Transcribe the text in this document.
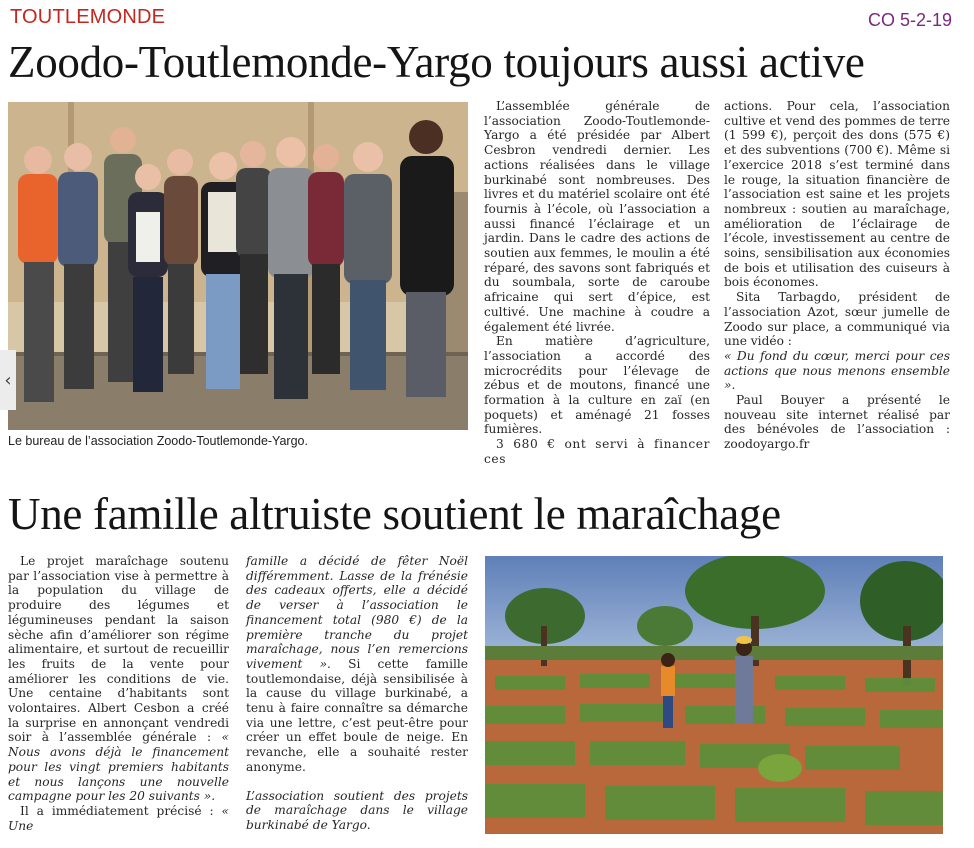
TOUTLEMONDE	CO 5-2-19
Zoodo-Toutlemonde-Yargo toujours aussi active
‹
Le bureau de l’association Zoodo-Toutlemonde-Yargo.

L’assemblée générale de l’association Zoodo-Toutlemonde-Yargo a été présidée par Albert Cesbron vendredi dernier. Les actions réalisées dans le village burkinabé sont nombreuses. Des livres et du matériel scolaire ont été fournis à l’école, où l’association a aussi financé l’éclairage et un jardin. Dans le cadre des actions de soutien aux femmes, le moulin a été réparé, des savons sont fabriqués et du soumbala, sorte de caroube africaine qui sert d’épice, est cultivé. Une machine à coudre a également été livrée.

En matière d’agriculture, l’association a accordé des microcrédits pour l’élevage de zébus et de moutons, financé une formation à la culture en zaï (en poquets) et aménagé 21 fosses fumières.

3 680 € ont servi à financer ces

actions. Pour cela, l’association cultive et vend des pommes de terre (1 599 €), perçoit des dons (575 €) et des subventions (700 €). Même si l’exercice 2018 s’est terminé dans le rouge, la situation financière de l’association est saine et les projets nombreux : soutien au maraîchage, amélioration de l’éclairage de l’école, investissement au centre de soins, sensibilisation aux économies de bois et utilisation des cuiseurs à bois économes.

Sita Tarbagdo, président de l’association Azot, sœur jumelle de Zoodo sur place, a communiqué via une vidéo :

« Du fond du cœur, merci pour ces actions que nous menons ensemble ».

Paul Bouyer a présenté le nouveau site internet réalisé par des bénévoles de l’association : zoodoyargo.fr

Une famille altruiste soutient le maraîchage

Le projet maraîchage soutenu par l’association vise à permettre à la population du village de produire des légumes et légumineuses pendant la saison sèche afin d’améliorer son régime alimentaire, et surtout de recueillir les fruits de la vente pour améliorer les conditions de vie. Une centaine d’habitants sont volontaires. Albert Cesbon a créé la surprise en annonçant vendredi soir à l’assemblée générale : « Nous avons déjà le financement pour les vingt premiers habitants et nous lançons une nouvelle campagne pour les 20 suivants ».

Il a immédiatement précisé : « Une

famille a décidé de fêter Noël différemment. Lasse de la frénésie des cadeaux offerts, elle a décidé de verser à l’association le financement total (980 €) de la première tranche du projet maraîchage, nous l’en remercions vivement ». Si cette famille toutlemondaise, déjà sensibilisée à la cause du village burkinabé, a tenu à faire connaître sa démarche via une lettre, c’est peut-être pour créer un effet boule de neige. En revanche, elle a souhaité rester anonyme.

L’association soutient des projets de maraîchage dans le village burkinabé de Yargo.
